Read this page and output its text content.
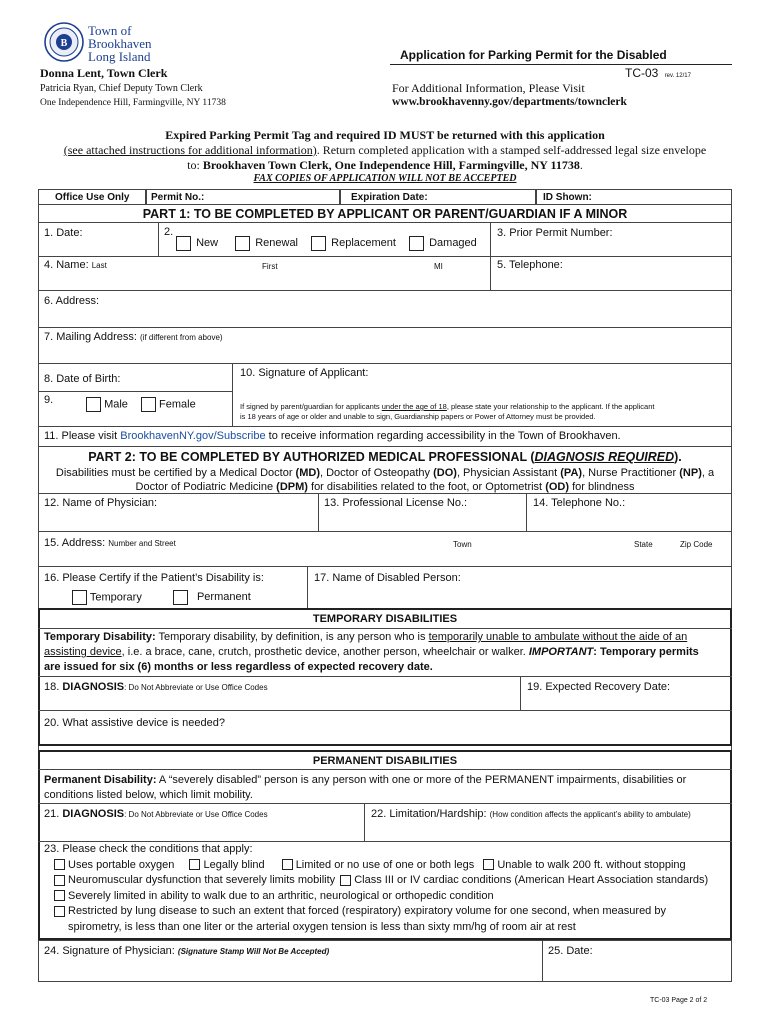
B
Town of
Brookhaven
Long Island	Application for Parking Permit for the Disabled
Donna Lent, Town Clerk
Patricia Ryan, Chief Deputy Town Clerk
One Independence Hill, Farmingville, NY 11738
TC-03 rev. 12/17
For Additional Information, Please Visit
www.brookhavenny.gov/departments/townclerk
Expired Parking Permit Tag and required ID MUST be returned with this application
(see attached instructions for additional information). Return completed application with a stamped self-addressed legal size envelope
to: Brookhaven Town Clerk, One Independence Hill, Farmingville, NY 11738.
FAX COPIES OF APPLICATION WILL NOT BE ACCEPTED
Office Use Only	Permit No.:	Expiration Date:	ID Shown:
PART 1: TO BE COMPLETED BY APPLICANT OR PARENT/GUARDIAN IF A MINOR
1. Date:	2.
New	Renewal	Replacement	Damaged
3. Prior Permit Number:
4. Name: Last	First	MI	5. Telephone:
6. Address:
7. Mailing Address: (if different from above)
8. Date of Birth:	10. Signature of Applicant:
9.	Male	Female	If signed by parent/guardian for applicants under the age of 18, please state your relationship to the applicant. If the applicant
is 18 years of age or older and unable to sign, Guardianship papers or Power of Attorney must be provided.
11. Please visit BrookhavenNY.gov/Subscribe to receive information regarding accessibility in the Town of Brookhaven.
PART 2: TO BE COMPLETED BY AUTHORIZED MEDICAL PROFESSIONAL (DIAGNOSIS REQUIRED).
Disabilities must be certified by a Medical Doctor (MD), Doctor of Osteopathy (DO), Physician Assistant (PA), Nurse Practitioner (NP), a
Doctor of Podiatric Medicine (DPM) for disabilities related to the foot, or Optometrist (OD) for blindness
12. Name of Physician:	13. Professional License No.:	14. Telephone No.:
15. Address: Number and Street	Town	State	Zip Code
16. Please Certify if the Patient’s Disability is:	17. Name of Disabled Person:
Temporary	Permanent
TEMPORARY DISABILITIES
Temporary Disability: Temporary disability, by definition, is any person who is temporarily unable to ambulate without the aide of an
assisting device, i.e. a brace, cane, crutch, prosthetic device, another person, wheelchair or walker. IMPORTANT: Temporary permits
are issued for six (6) months or less regardless of expected recovery date.
18. DIAGNOSIS: Do Not Abbreviate or Use Office Codes	19. Expected Recovery Date:
20. What assistive device is needed?
PERMANENT DISABILITIES
Permanent Disability: A “severely disabled” person is any person with one or more of the PERMANENT impairments, disabilities or
conditions listed below, which limit mobility.
21. DIAGNOSIS: Do Not Abbreviate or Use Office Codes	22. Limitation/Hardship: (How condition affects the applicant’s ability to ambulate)
23. Please check the conditions that apply:
Uses portable oxygen	Legally blind	Limited or no use of one or both legs Unable to walk 200 ft. without stopping
Neuromuscular dysfunction that severely limits mobility Class III or IV cardiac conditions (American Heart Association standards)
Severely limited in ability to walk due to an arthritic, neurological or orthopedic condition
Restricted by lung disease to such an extent that forced (respiratory) expiratory volume for one second, when measured by
spirometry, is less than one liter or the arterial oxygen tension is less than sixty mm/hg of room air at rest
24. Signature of Physician: (Signature Stamp Will Not Be Accepted)	25. Date:
TC-03 Page 2 of 2
